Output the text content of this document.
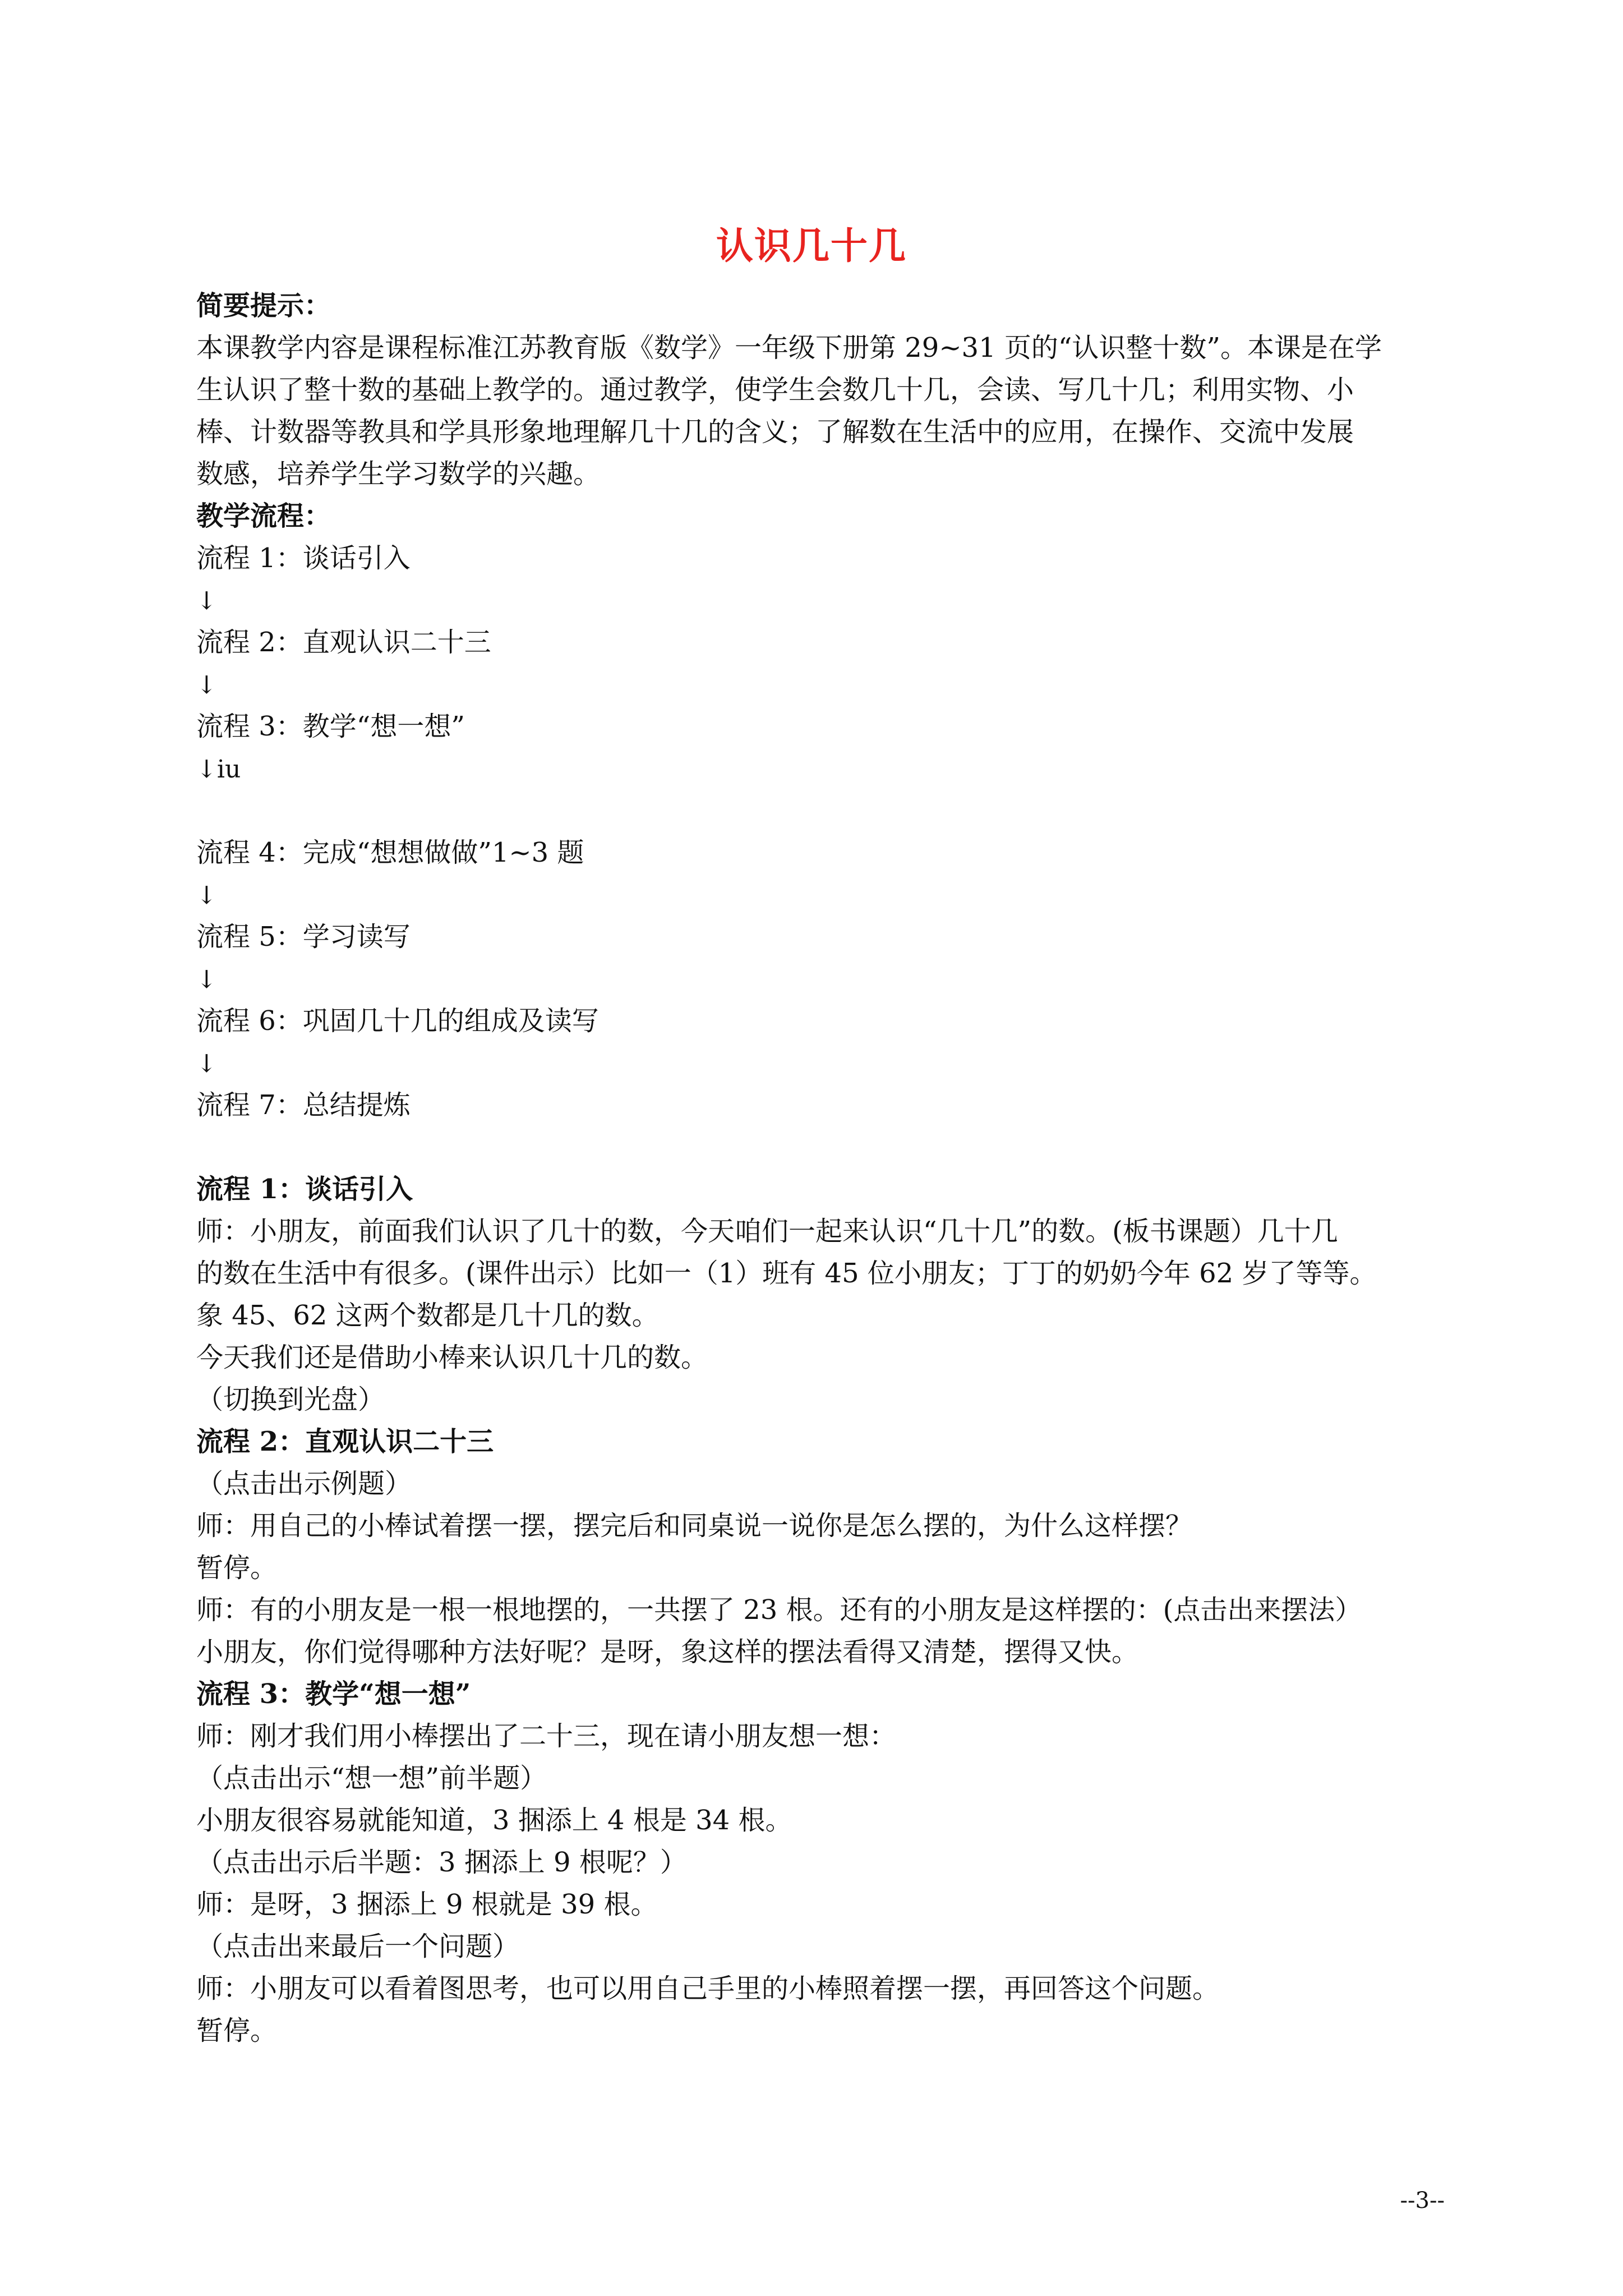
认识几十几

简要提示：

本课教学内容是课程标准江苏教育版《数学》一年级下册第 29~31 页的“认识整十数”。本课是在学

生认识了整十数的基础上教学的。通过教学，使学生会数几十几，会读、写几十几；利用实物、小

棒、计数器等教具和学具形象地理解几十几的含义；了解数在生活中的应用，在操作、交流中发展

数感，培养学生学习数学的兴趣。

教学流程：

流程 1：谈话引入

↓

流程 2：直观认识二十三

↓

流程 3：教学“想一想”

↓iu

流程 4：完成“想想做做”1~3 题

↓

流程 5：学习读写

↓

流程 6：巩固几十几的组成及读写

↓

流程 7：总结提炼

流程 1：谈话引入

师：小朋友，前面我们认识了几十的数，今天咱们一起来认识“几十几”的数。(板书课题）几十几

的数在生活中有很多。(课件出示）比如一（1）班有 45 位小朋友；丁丁的奶奶今年 62 岁了等等。

象 45、62 这两个数都是几十几的数。

今天我们还是借助小棒来认识几十几的数。

（切换到光盘）

流程 2：直观认识二十三

（点击出示例题）

师：用自己的小棒试着摆一摆，摆完后和同桌说一说你是怎么摆的，为什么这样摆？

暂停。

师：有的小朋友是一根一根地摆的，一共摆了 23 根。还有的小朋友是这样摆的：(点击出来摆法）

小朋友，你们觉得哪种方法好呢？是呀，象这样的摆法看得又清楚，摆得又快。

流程 3：教学“想一想”

师：刚才我们用小棒摆出了二十三，现在请小朋友想一想：

（点击出示“想一想”前半题）

小朋友很容易就能知道，3 捆添上 4 根是 34 根。

（点击出示后半题：3 捆添上 9 根呢？）

师：是呀，3 捆添上 9 根就是 39 根。

（点击出来最后一个问题）

师：小朋友可以看着图思考，也可以用自己手里的小棒照着摆一摆，再回答这个问题。

暂停。

--3--
